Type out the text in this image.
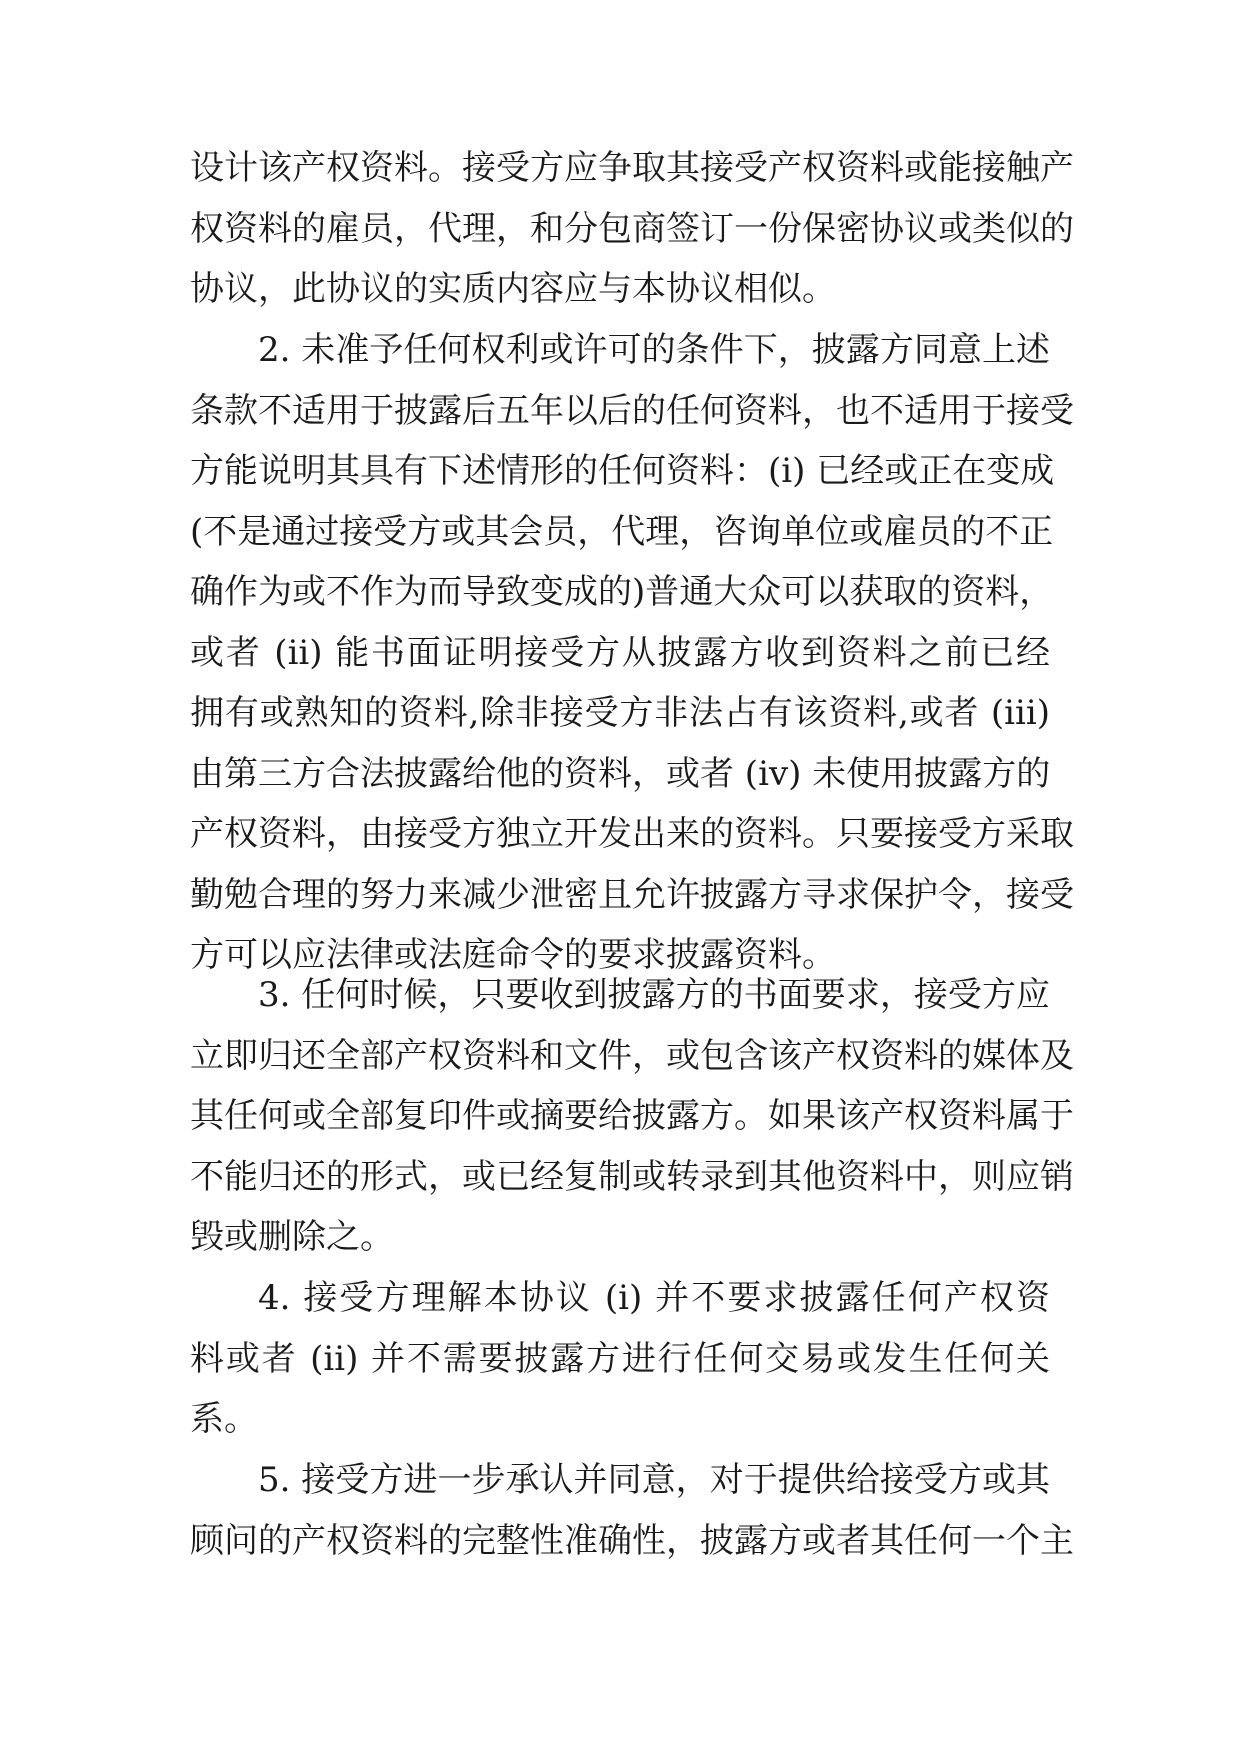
设计该产权资料。接受方应争取其接受产权资料或能接触产
权资料的雇员，代理，和分包商签订一份保密协议或类似的
协议，此协议的实质内容应与本协议相似。
2. 未准予任何权利或许可的条件下，披露方同意上述
条款不适用于披露后五年以后的任何资料，也不适用于接受
方能说明其具有下述情形的任何资料：(i) 已经或正在变成
(不是通过接受方或其会员，代理，咨询单位或雇员的不正
确作为或不作为而导致变成的)普通大众可以获取的资料，
或者 (ii) 能书面证明接受方从披露方收到资料之前已经
拥有或熟知的资料,除非接受方非法占有该资料,或者 (iii)
由第三方合法披露给他的资料，或者 (iv) 未使用披露方的
产权资料，由接受方独立开发出来的资料。只要接受方采取
勤勉合理的努力来减少泄密且允许披露方寻求保护令，接受
方可以应法律或法庭命令的要求披露资料。
3. 任何时候，只要收到披露方的书面要求，接受方应
立即归还全部产权资料和文件，或包含该产权资料的媒体及
其任何或全部复印件或摘要给披露方。如果该产权资料属于
不能归还的形式，或已经复制或转录到其他资料中，则应销
毁或删除之。
4. 接受方理解本协议 (i) 并不要求披露任何产权资
料或者 (ii) 并不需要披露方进行任何交易或发生任何关
系。
5. 接受方进一步承认并同意，对于提供给接受方或其
顾问的产权资料的完整性准确性，披露方或者其任何一个主
